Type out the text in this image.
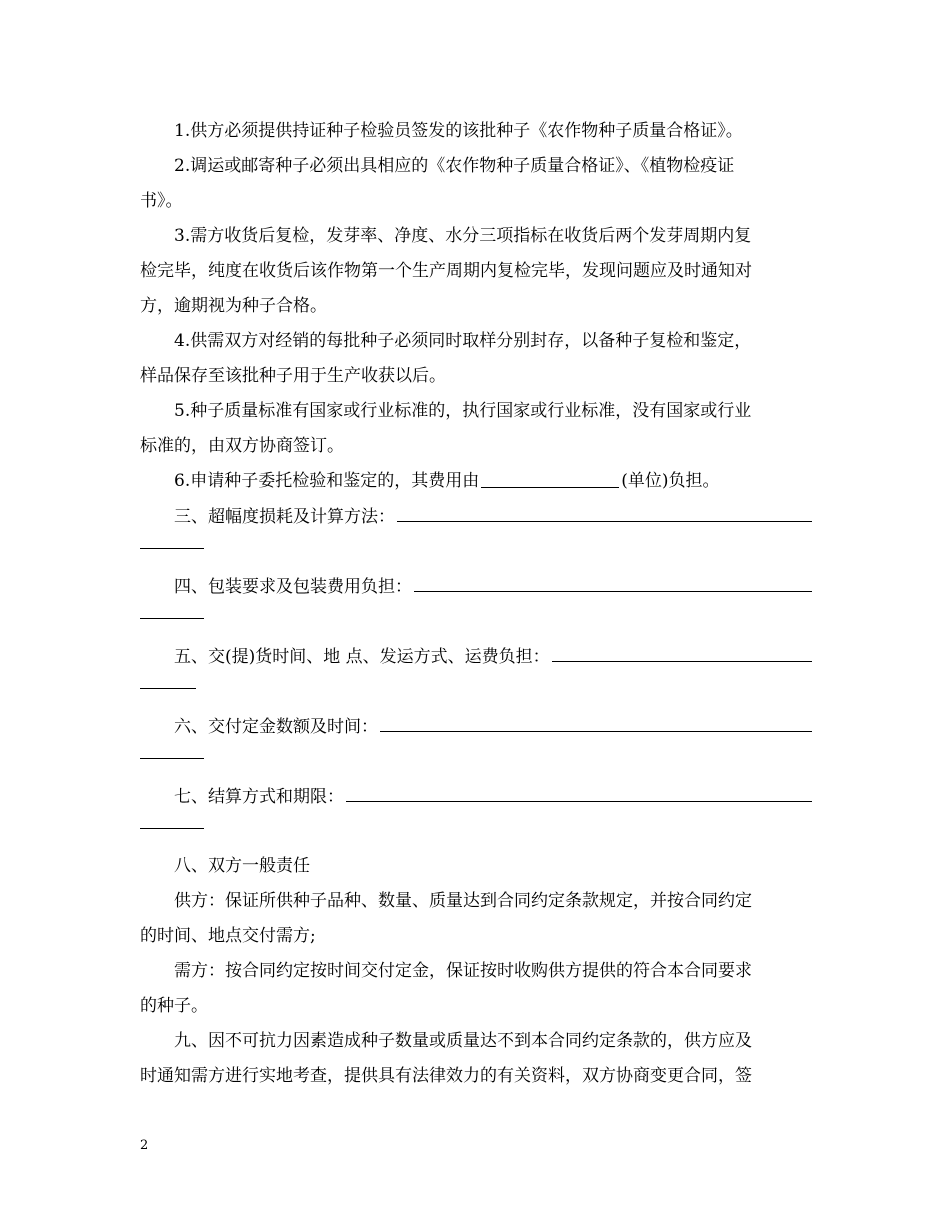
1.供方必须提供持证种子检验员签发的该批种子《农作物种子质量合格证》。
2.调运或邮寄种子必须出具相应的《农作物种子质量合格证》、《植物检疫证
书》。
3.需方收货后复检，发芽率、净度、水分三项指标在收货后两个发芽周期内复
检完毕，纯度在收货后该作物第一个生产周期内复检完毕，发现问题应及时通知对
方，逾期视为种子合格。
4.供需双方对经销的每批种子必须同时取样分别封存，以备种子复检和鉴定，
样品保存至该批种子用于生产收获以后。
5.种子质量标准有国家或行业标准的，执行国家或行业标准，没有国家或行业
标准的，由双方协商签订。
6.申请种子委托检验和鉴定的，其费用由	(单位)负担。
三、超幅度损耗及计算方法：
四、包装要求及包装费用负担：
五、交(提)货时间、地 点、发运方式、运费负担：
六、交付定金数额及时间：
七、结算方式和期限：
八、双方一般责任
供方：保证所供种子品种、数量、质量达到合同约定条款规定，并按合同约定
的时间、地点交付需方;
需方：按合同约定按时间交付定金，保证按时收购供方提供的符合本合同要求
的种子。
九、因不可抗力因素造成种子数量或质量达不到本合同约定条款的，供方应及
时通知需方进行实地考查，提供具有法律效力的有关资料，双方协商变更合同，签
2
